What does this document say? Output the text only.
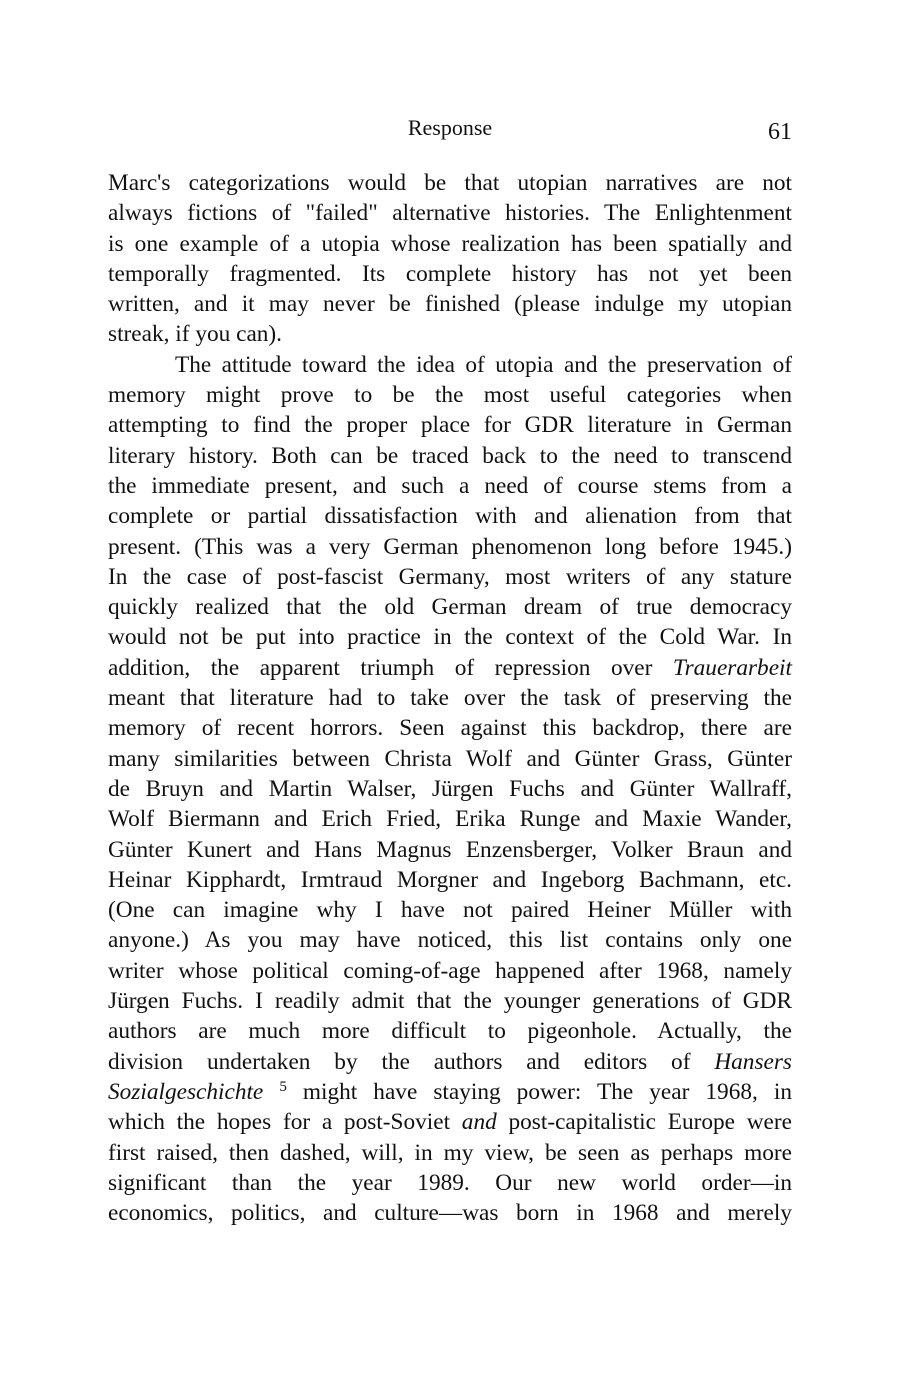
Response	61
Marc's categorizations would be that utopian narratives are not
always fictions of "failed" alternative histories. The Enlightenment
is one example of a utopia whose realization has been spatially and
temporally fragmented. Its complete history has not yet been
written, and it may never be finished (please indulge my utopian
streak, if you can).
The attitude toward the idea of utopia and the preservation of
memory might prove to be the most useful categories when
attempting to find the proper place for GDR literature in German
literary history. Both can be traced back to the need to transcend
the immediate present, and such a need of course stems from a
complete or partial dissatisfaction with and alienation from that
present. (This was a very German phenomenon long before 1945.)
In the case of post-fascist Germany, most writers of any stature
quickly realized that the old German dream of true democracy
would not be put into practice in the context of the Cold War. In
addition, the apparent triumph of repression over Trauerarbeit
meant that literature had to take over the task of preserving the
memory of recent horrors. Seen against this backdrop, there are
many similarities between Christa Wolf and Günter Grass, Günter
de Bruyn and Martin Walser, Jürgen Fuchs and Günter Wallraff,
Wolf Biermann and Erich Fried, Erika Runge and Maxie Wander,
Günter Kunert and Hans Magnus Enzensberger, Volker Braun and
Heinar Kipphardt, Irmtraud Morgner and Ingeborg Bachmann, etc.
(One can imagine why I have not paired Heiner Müller with
anyone.) As you may have noticed, this list contains only one
writer whose political coming-of-age happened after 1968, namely
Jürgen Fuchs. I readily admit that the younger generations of GDR
authors are much more difficult to pigeonhole. Actually, the
division undertaken by the authors and editors of Hansers
Sozialgeschichte $^5$ might have staying power: The year 1968, in
which the hopes for a post-Soviet and post-capitalistic Europe were
first raised, then dashed, will, in my view, be seen as perhaps more
significant than the year 1989. Our new world order—in
economics, politics, and culture—was born in 1968 and merely
